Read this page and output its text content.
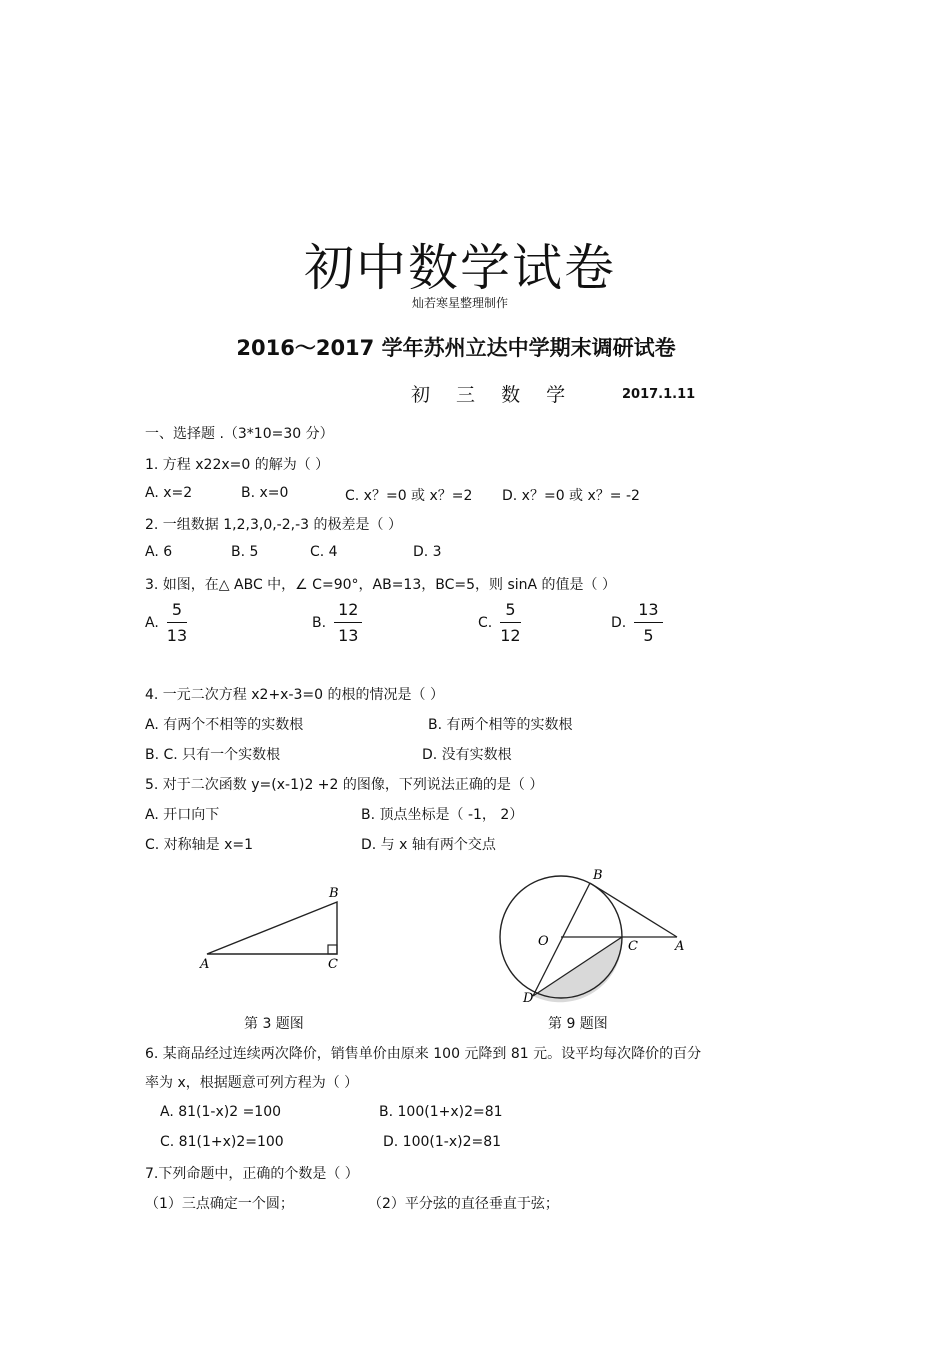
初中数学试卷
灿若寒星整理制作
2016～2017 学年苏州立达中学期末调研试卷
初 三 数 学	2017.1.11
一、选择题 .（3*10=30 分）
1. 方程 x22x=0 的解为（ ）
A. x=2	B. x=0	C. x？=0 或 x？=2 D. x？=0 或 x？= -2
2. 一组数据 1,2,3,0,-2,-3 的极差是（ ）
A. 6	B. 5	C. 4	D. 3
3. 如图，在△ ABC 中，∠ C=90°，AB=13，BC=5，则 sinA 的值是（ ）
A. $\frac{5}{13}$	B. $\frac{12}{13}$	C. $\frac{5}{12}$	D. $\frac{13}{5}$
4. 一元二次方程 x2+x-3=0 的根的情况是（ ）
A. 有两个不相等的实数根	B. 有两个相等的实数根
B. C. 只有一个实数根	D. 没有实数根
5. 对于二次函数 y=(x-1)2 +2 的图像，下列说法正确的是（ ）
A. 开口向下	B. 顶点坐标是（ -1， 2）
C. 对称轴是 x=1	D. 与 x 轴有两个交点
A
B
C
第 3 题图
O
B
C	A
D
第 9 题图
6. 某商品经过连续两次降价，销售单价由原来 100 元降到 81 元。设平均每次降价的百分
率为 x，根据题意可列方程为（ ）
A. 81(1-x)2 =100	B. 100(1+x)2=81
C. 81(1+x)2=100	D. 100(1-x)2=81
7.下列命题中，正确的个数是（ ）
（1）三点确定一个圆；	（2）平分弦的直径垂直于弦；
